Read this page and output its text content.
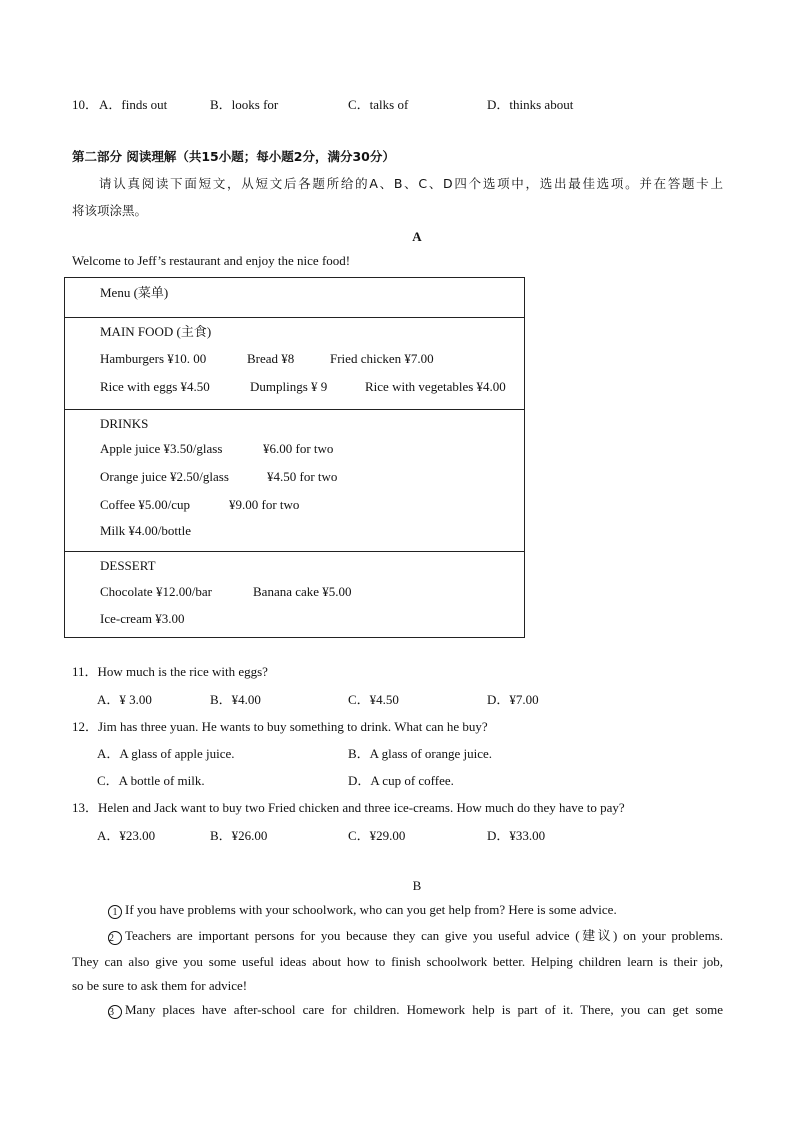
10． A．finds out	B．looks for	C．talks of	D．thinks about
第二部分 阅读理解（共15小题；每小题2分，满分30分）
请认真阅读下面短文，从短文后各题所给的A、B、C、D四个选项中，选出最佳选项。并在答题卡上
将该项涂黑。
A
Welcome to Jeff’s restaurant and enjoy the nice food!
Menu (菜单)
MAIN FOOD (主食)
Hamburgers ¥10. 00	Bread ¥8	Fried chicken ¥7.00
Rice with eggs ¥4.50	Dumplings ¥ 9	Rice with vegetables ¥4.00
DRINKS
Apple juice ¥3.50/glass	¥6.00 for two
Orange juice ¥2.50/glass	¥4.50 for two
Coffee ¥5.00/cup	¥9.00 for two
Milk ¥4.00/bottle
DESSERT
Chocolate ¥12.00/bar	Banana cake ¥5.00
Ice-cream ¥3.00
11．How much is the rice with eggs?
A．¥ 3.00	B．¥4.00	C．¥4.50	D．¥7.00
12．Jim has three yuan. He wants to buy something to drink. What can he buy?
A．A glass of apple juice.	B．A glass of orange juice.
C．A bottle of milk.	D．A cup of coffee.
13．Helen and Jack want to buy two Fried chicken and three ice-creams. How much do they have to pay?
A．¥23.00	B．¥26.00	C．¥29.00	D．¥33.00
B
1 If you have problems with your schoolwork, who can you get help from? Here is some advice.
2 Teachers are important persons for you because they can give you useful advice (建议) on your problems.
They can also give you some useful ideas about how to finish schoolwork better. Helping children learn is their job,
so be sure to ask them for advice!
3 Many places have after-school care for children. Homework help is part of it. There, you can get some
